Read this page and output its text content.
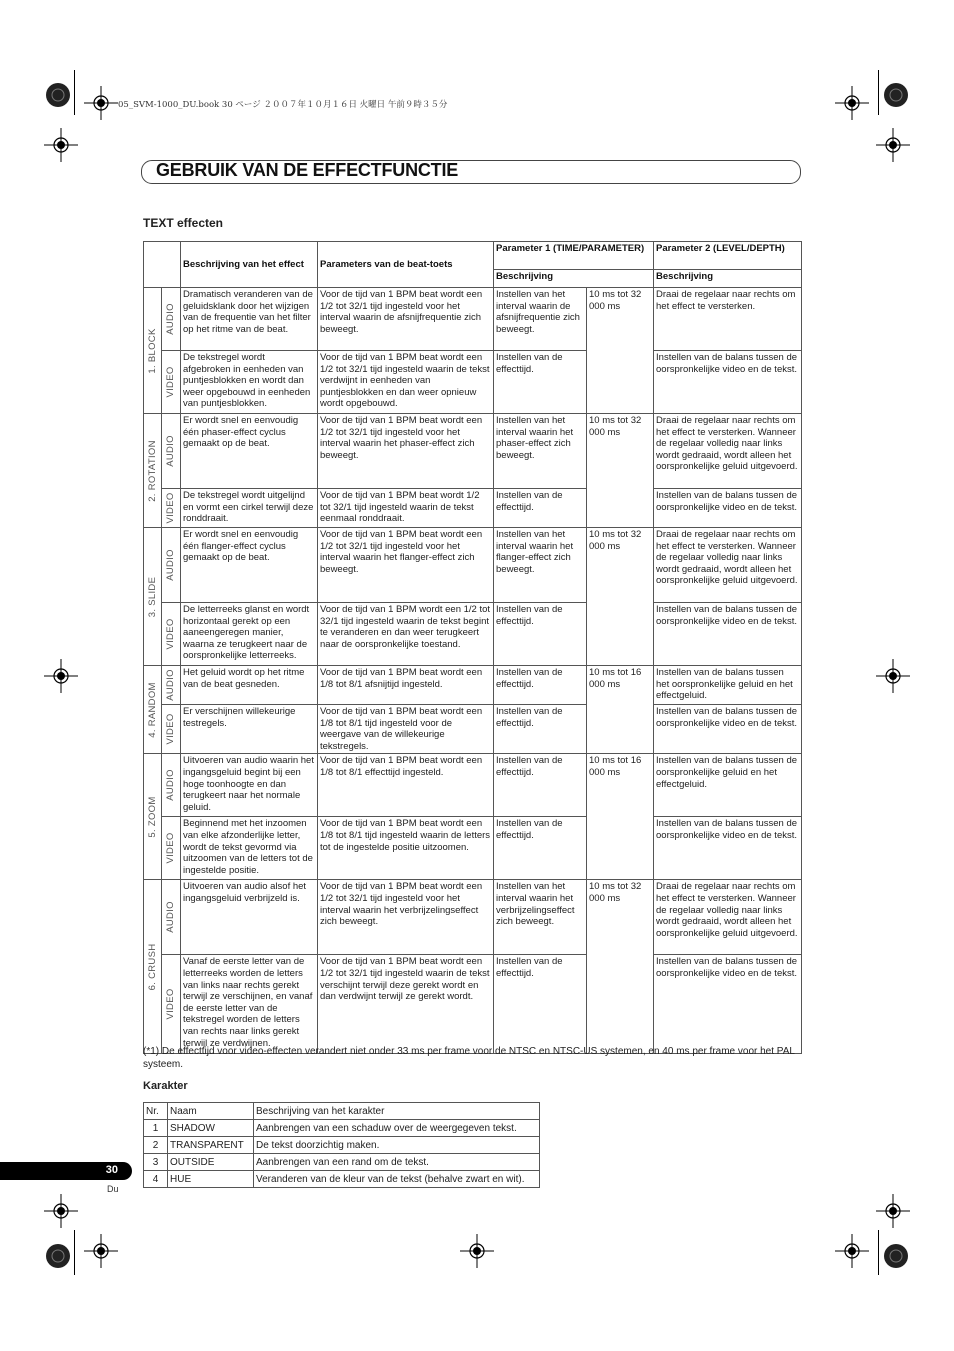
05_SVM-1000_DU.book 30 ページ ２００７年１０月１６日 火曜日 午前９時３５分
GEBRUIK VAN DE EFFECTFUNCTIE
TEXT effecten
		Beschrijving van het effect	Parameters van de beat-toets	Parameter 1 (TIME/PARAMETER)		Parameter 2 (LEVEL/DEPTH)
				Beschrijving		Beschrijving

1. BLOCK	AUDIO	Dramatisch veranderen van de geluidsklank door het wijzigen van de frequentie van het filter op het ritme van de beat.	Voor de tijd van 1 BPM beat wordt een 1/2 tot 32/1 tijd ingesteld voor het interval waarin de afsnijfrequentie zich beweegt.	Instellen van het interval waarin de afsnijfrequentie zich beweegt.	10 ms tot 32 000 ms	Draai de regelaar naar rechts om het effect te versterken.

	VIDEO	De tekstregel wordt afgebroken in eenheden van puntjesblokken en wordt dan weer opgebouwd in eenheden van puntjesblokken.	Voor de tijd van 1 BPM beat wordt een 1/2 tot 32/1 tijd ingesteld waarin de tekst verdwijnt in eenheden van puntjesblokken en dan weer opnieuw wordt opgebouwd.	Instellen van de effecttijd.		Instellen van de balans tussen de oorspronkelijke video en de tekst.

2. ROTATION	AUDIO	Er wordt snel en eenvoudig één phaser-effect cyclus gemaakt op de beat.	Voor de tijd van 1 BPM beat wordt een 1/2 tot 32/1 tijd ingesteld voor het interval waarin het phaser-effect zich beweegt.	Instellen van het interval waarin het phaser-effect zich beweegt.	10 ms tot 32 000 ms	Draai de regelaar naar rechts om het effect te versterken. Wanneer de regelaar volledig naar links wordt gedraaid, wordt alleen het oorspronkelijke geluid uitgevoerd.

	VIDEO	De tekstregel wordt uitgelijnd en vormt een cirkel terwijl deze ronddraait.	Voor de tijd van 1 BPM beat wordt 1/2 tot 32/1 tijd ingesteld waarin de tekst eenmaal ronddraait.	Instellen van de effecttijd.		Instellen van de balans tussen de oorspronkelijke video en de tekst.

3. SLIDE	AUDIO	Er wordt snel en eenvoudig één flanger-effect cyclus gemaakt op de beat.	Voor de tijd van 1 BPM beat wordt een 1/2 tot 32/1 tijd ingesteld voor het interval waarin het flanger-effect zich beweegt.	Instellen van het interval waarin het flanger-effect zich beweegt.	10 ms tot 32 000 ms	Draai de regelaar naar rechts om het effect te versterken. Wanneer de regelaar volledig naar links wordt gedraaid, wordt alleen het oorspronkelijke geluid uitgevoerd.

	VIDEO	De letterreeks glanst en wordt horizontaal gerekt op een aaneengeregen manier, waarna ze terugkeert naar de oorspronkelijke letterreeks.	Voor de tijd van 1 BPM wordt een 1/2 tot 32/1 tijd ingesteld waarin de tekst begint te veranderen en dan weer terugkeert naar de oorspronkelijke toestand.	Instellen van de effecttijd.		Instellen van de balans tussen de oorspronkelijke video en de tekst.

4. RANDOM	AUDIO	Het geluid wordt op het ritme van de beat gesneden.	Voor de tijd van 1 BPM beat wordt een 1/8 tot 8/1 afsnijtijd ingesteld.	Instellen van de effecttijd.	10 ms tot 16 000 ms	Instellen van de balans tussen het oorspronkelijke geluid en het effectgeluid.

	VIDEO	Er verschijnen willekeurige testregels.	Voor de tijd van 1 BPM beat wordt een 1/8 tot 8/1 tijd ingesteld voor de weergave van de willekeurige tekstregels.	Instellen van de effecttijd.		Instellen van de balans tussen de oorspronkelijke video en de tekst.

5. ZOOM	AUDIO	Uitvoeren van audio waarin het ingangsgeluid begint bij een hoge toonhoogte en dan terugkeert naar het normale geluid.	Voor de tijd van 1 BPM beat wordt een 1/8 tot 8/1 effecttijd ingesteld.	Instellen van de effecttijd.	10 ms tot 16 000 ms	Instellen van de balans tussen de oorspronkelijke geluid en het effectgeluid.

	VIDEO	Beginnend met het inzoomen van elke afzonderlijke letter, wordt de tekst gevormd via uitzoomen van de letters tot de ingestelde positie.	Voor de tijd van 1 BPM beat wordt een 1/8 tot 8/1 tijd ingesteld waarin de letters tot de ingestelde positie uitzoomen.	Instellen van de effecttijd.		Instellen van de balans tussen de oorspronkelijke video en de tekst.

6. CRUSH	AUDIO	Uitvoeren van audio alsof het ingangsgeluid verbrijzeld is.	Voor de tijd van 1 BPM beat wordt een 1/2 tot 32/1 tijd ingesteld voor het interval waarin het verbrijzelingseffect zich beweegt.	Instellen van het interval waarin het verbrijzelingseffect zich beweegt.	10 ms tot 32 000 ms	Draai de regelaar naar rechts om het effect te versterken. Wanneer de regelaar volledig naar links wordt gedraaid, wordt alleen het oorspronkelijke geluid uitgevoerd.

	VIDEO	Vanaf de eerste letter van de letterreeks worden de letters van links naar rechts gerekt terwijl ze verschijnen, en vanaf de eerste letter van de tekstregel worden de letters van rechts naar links gerekt terwijl ze verdwijnen.	Voor de tijd van 1 BPM beat wordt een 1/2 tot 32/1 tijd ingesteld waarin de tekst verschijnt terwijl deze gerekt wordt en dan verdwijnt terwijl ze gerekt wordt.	Instellen van de effecttijd.		Instellen van de balans tussen de oorspronkelijke video en de tekst.
(*1) De effecttijd voor video-effecten verandert niet onder 33 ms per frame voor de NTSC en NTSC-US systemen, en 40 ms per frame voor het PAL systeem.
Karakter
Nr.	Naam	Beschrijving van het karakter
1	SHADOW	Aanbrengen van een schaduw over de weergegeven tekst.
2	TRANSPARENT	De tekst doorzichtig maken.
3	OUTSIDE	Aanbrengen van een rand om de tekst.
4	HUE	Veranderen van de kleur van de tekst (behalve zwart en wit).
30
Du
